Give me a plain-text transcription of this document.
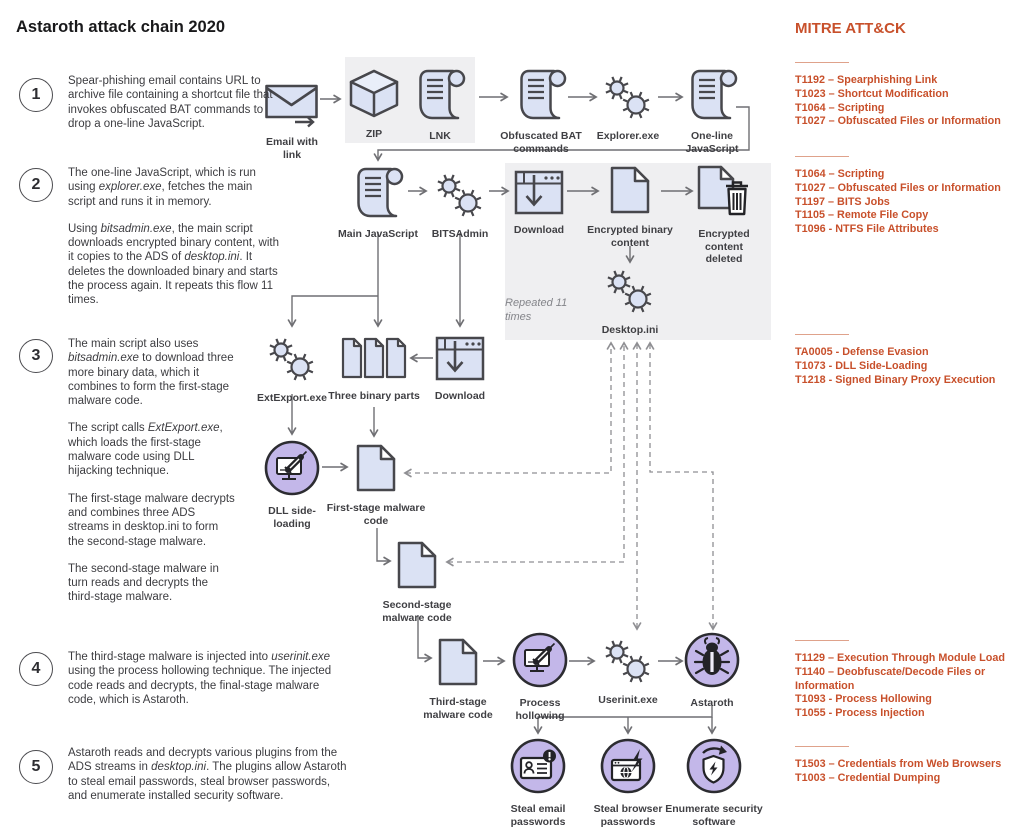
Astaroth attack chain 2020	MITRE ATT&CK
Repeated 11 times
Email with link
ZIP	LNK	Obfuscated BAT commands
Explorer.exe	One-line JavaScript
Main JavaScript	BITSAdmin	Download	Encrypted binary content
Encrypted content deleted
Desktop.ini
ExtExport.exe Three binary parts	Download
DLL side-loading
First-stage malware code
Second-stage malware code
Third-stage malware code
Process hollowing
Userinit.exe	Astaroth
Steal email passwords
Steal browser passwords
Enumerate security software
1

Spear-phishing email contains URL to archive file containing a shortcut file that invokes obfuscated BAT commands to drop a one-line JavaScript.

2

The one-line JavaScript, which is run using explorer.exe, fetches the main script and runs it in memory.

Using bitsadmin.exe, the main script downloads encrypted binary content, with it copies to the ADS of desktop.ini. It deletes the downloaded binary and starts the process again. It repeats this flow 11 times.

3

The main script also uses bitsadmin.exe to download three more binary data, which it combines to form the first-stage malware code.

The script calls ExtExport.exe, which loads the first-stage malware code using DLL hijacking technique.

The first-stage malware decrypts and combines three ADS streams in desktop.ini to form the second-stage malware.

The second-stage malware in turn reads and decrypts the third-stage malware.

4

The third-stage malware is injected into userinit.exe using the process hollowing technique. The injected code reads and decrypts, the final-stage malware code, which is Astaroth.

5

Astaroth reads and decrypts various plugins from the ADS streams in desktop.ini. The plugins allow Astaroth to steal email passwords, steal browser passwords, and enumerate installed security software.

T1192 – Spearphishing Link
T1023 – Shortcut Modification
T1064 – Scripting
T1027 – Obfuscated Files or Information
T1064 – Scripting
T1027 – Obfuscated Files or Information
T1197 – BITS Jobs
T1105 – Remote File Copy
T1096 - NTFS File Attributes
TA0005 - Defense Evasion
T1073 - DLL Side-Loading
T1218 - Signed Binary Proxy Execution
T1129 – Execution Through Module Load
T1140 – Deobfuscate/Decode Files or Information
T1093 - Process Hollowing
T1055 - Process Injection
T1503 – Credentials from Web Browsers
T1003 – Credential Dumping
